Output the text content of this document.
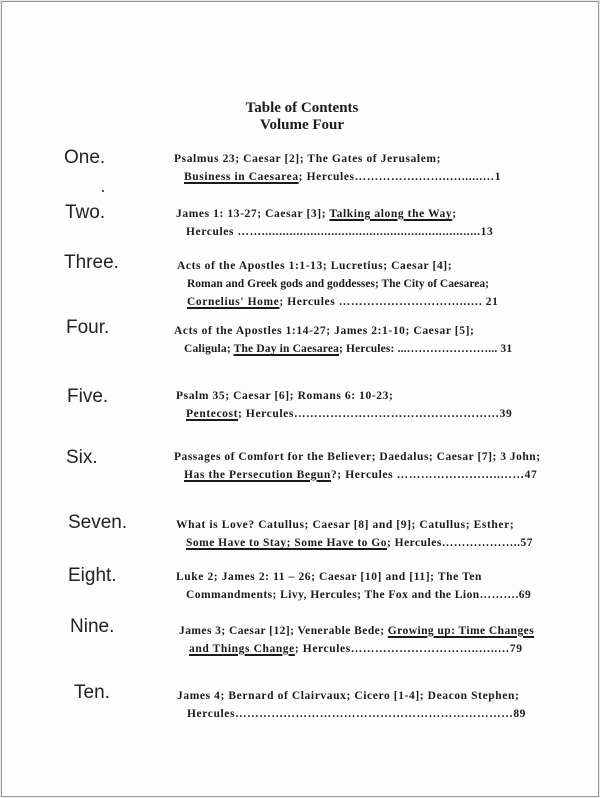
Table of Contents
Volume Four
One.	Psalmus 23; Caesar [2]; The Gates of Jerusalem;
Business in Caesarea; Hercules…………….……..…......…1
Two.	James 1: 13-27; Caesar [3]; Talking along the Way;
Hercules ……...............................................................13
Three.	Acts of the Apostles 1:1-13; Lucretius; Caesar [4];
Roman and Greek gods and goddesses; The City of Caesarea;
Cornelius' Home; Hercules …………………………..…. 21
Four.	Acts of the Apostles 1:14-27; James 2:1-10; Caesar [5];
Caligula; The Day in Caesarea; Hercules: ...…………………... 31
Five.	Psalm 35; Caesar [6]; Romans 6: 10-23;
Pentecost; Hercules……………………………………………39
Six.	Passages of Comfort for the Believer; Daedalus; Caesar [7]; 3 John;
Has the Persecution Begun?; Hercules ……………………..……47
Seven.	What is Love? Catullus; Caesar [8] and [9]; Catullus; Esther;
Some Have to Stay; Some Have to Go; Hercules………………..57
Eight.	Luke 2; James 2: 11 – 26; Caesar [10] and [11]; The Ten
Commandments; Livy, Hercules; The Fox and the Lion……….69
Nine.	James 3; Caesar [12]; Venerable Bede; Growing up: Time Changes
and Things Change; Hercules…………………………..…..…79
Ten.	James 4; Bernard of Clairvaux; Cicero [1-4]; Deacon Stephen;
Hercules……………………………………………………………89
